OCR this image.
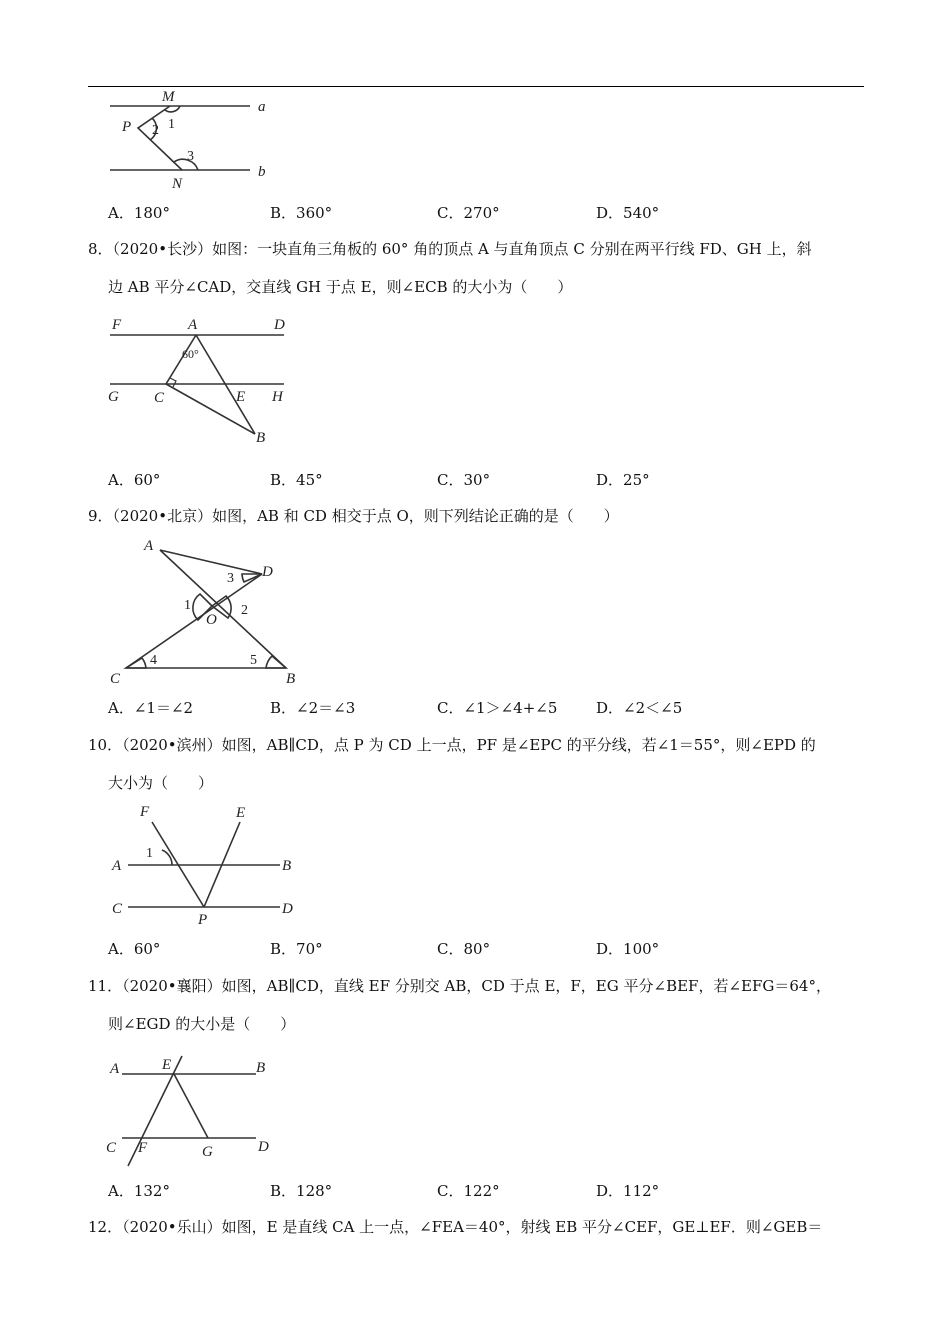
M
a
P 2 1
3
b
N
A．180°	B．360°	C．270°	D．540°
8．（2020•长沙）如图：一块直角三角板的 60° 角的顶点 A 与直角顶点 C 分别在两平行线 FD、GH 上，斜
边 AB 平分∠CAD，交直线 GH 于点 E，则∠ECB 的大小为（　　）
F	A	D
60°
G C	E H
B
A．60°	B．45°	C．30°	D．25°
9．（2020•北京）如图，AB 和 CD 相交于点 O，则下列结论正确的是（　　）
A
3 D
1	2
O
4	5
C	B
A．∠1＝∠2	B．∠2＝∠3	C．∠1＞∠4+∠5	D．∠2＜∠5
10．（2020•滨州）如图，AB∥CD，点 P 为 CD 上一点，PF 是∠EPC 的平分线，若∠1＝55°，则∠EPD 的
大小为（　　）
F	E
1
A	B
C	D
P
A．60°	B．70°	C．80°	D．100°
11．（2020•襄阳）如图，AB∥CD，直线 EF 分别交 AB，CD 于点 E，F，EG 平分∠BEF，若∠EFG＝64°，
则∠EGD 的大小是（　　）
A	E	B
C F	G	D
A．132°	B．128°	C．122°	D．112°
12．（2020•乐山）如图，E 是直线 CA 上一点，∠FEA＝40°，射线 EB 平分∠CEF，GE⊥EF．则∠GEB＝
